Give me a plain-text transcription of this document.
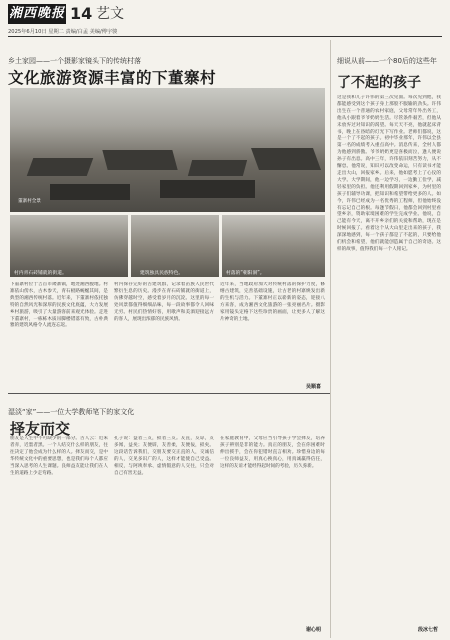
湘西晚报 14 艺文
2025年6月10日 星期二 责编/白孟 美编/傅宇骏
乡土家园——一个摄影家镜头下的传统村落
文化旅游资源丰富的下董寨村
董寨村全景
村内青石砖铺就的街道。	建筑独具民族特色。	村落的“朝阳洞”。
下董寨村位于吉首市矮寨镇，地处湘西腹地。村寨依山傍水，古木参天，青石板路蜿蜒其间，是典型的湘西传统村落。近年来，下董寨村依托独特的自然风光和深厚的民族文化底蕴，大力发展乡村旅游，吸引了大量游客前来观光体验。走进下董寨村，一栋栋木质吊脚楼错落有致，古朴典雅的建筑风格令人流连忘返。
村内保存完好的古建筑群，记录着苗族人民世代繁衍生息的历史。漫步在青石砖铺就的街道上，仿佛穿越时空，感受着岁月的沉淀。这里的每一处风景都值得细细品味，每一段故事都令人回味无穷。村民们热情好客，用歌声和美酒迎接远方的客人，展现出浓郁的民族风情。
近年来，当地政府加大对传统村落的保护力度，修缮古建筑，完善基础设施，让古老的村寨焕发出新的生机与活力。下董寨村正以崭新的姿态，迎接八方来客，成为湘西文化旅游的一张亮丽名片。摄影家用镜头定格下这些珍贵的画面，让更多人了解这片神奇的土地。
吴顺喜
湿淡“家”——一位大学教师笔下的家文化
择友而交
朋友是人生中不可缺少的一部分。古人云：近朱者赤，近墨者黑。一个人结交什么样的朋友，往往决定了他会成为什么样的人。择友而交，是中华传统文化中的重要思想，也是我们每个人都应当深入思考的人生课题。良师益友能让我们在人生的道路上少走弯路。
孔子说：益者三友，损者三友。友直，友谅，友多闻，益矣；友便辟，友善柔，友便佞，损矣。这段话告诉我们，交朋友要交正直的人，交诚信的人，交见多识广的人，这样才能使自己受益。相反，与阿谀奉承、虚情假意的人交往，只会对自己有害无益。
在家庭教育中，父母应当引导孩子学会择友，培养孩子辨别是非的能力。真正的朋友，会在你困难时伸出援手，会在你犯错时直言相劝。珍惜身边的每一位良师益友，用真心换真心，用真诚赢得信任，这样的友谊才能经得起时间的考验，历久弥新。
谢心明
细说从前——一个80后的这些年
了不起的孩子
这是我和儿子许伟的第三次见面。每次见到他，我都能感受到这个孩子身上那股不服输的劲头。许伟出生在一个普通的农村家庭，父母常年外出务工，他从小跟着爷爷奶奶生活。尽管条件艰苦，但他从未放弃过对知识的渴望。每天天不亮，他就起床背书，晚上在昏暗的灯光下写作业。老师们都说，这是一个了不起的孩子。初中毕业那年，许伟以全县第一名的成绩考入重点高中。消息传来，全村人都为他感到骄傲。爷爷奶奶更是喜极而泣，逢人便说孙子有出息。高中三年，许伟依旧刻苦努力，从不懈怠。他常说，知识可以改变命运，只有读书才能走出大山，回报家乡。后来，他如愿考上了心仪的大学。大学期间，他一边学习，一边勤工俭学，减轻家里的负担。他还利用假期回到家乡，为村里的孩子们辅导功课，把知识和希望带给更多的人。如今，许伟已经成为一名优秀的工程师，但他始终没有忘记自己的根。每逢节假日，他都会回到村里看望乡亲，资助家境困难的学生完成学业。他说，自己能有今天，离不开乡亲们的关爱和帮助，现在是时候回报了。看着这个从大山里走出来的孩子，我深深地感到，每一个孩子都是了不起的，只要给他们机会和希望，他们就能创造属于自己的奇迹。这样的故事，值得我们每一个人铭记。
段冰七哲
